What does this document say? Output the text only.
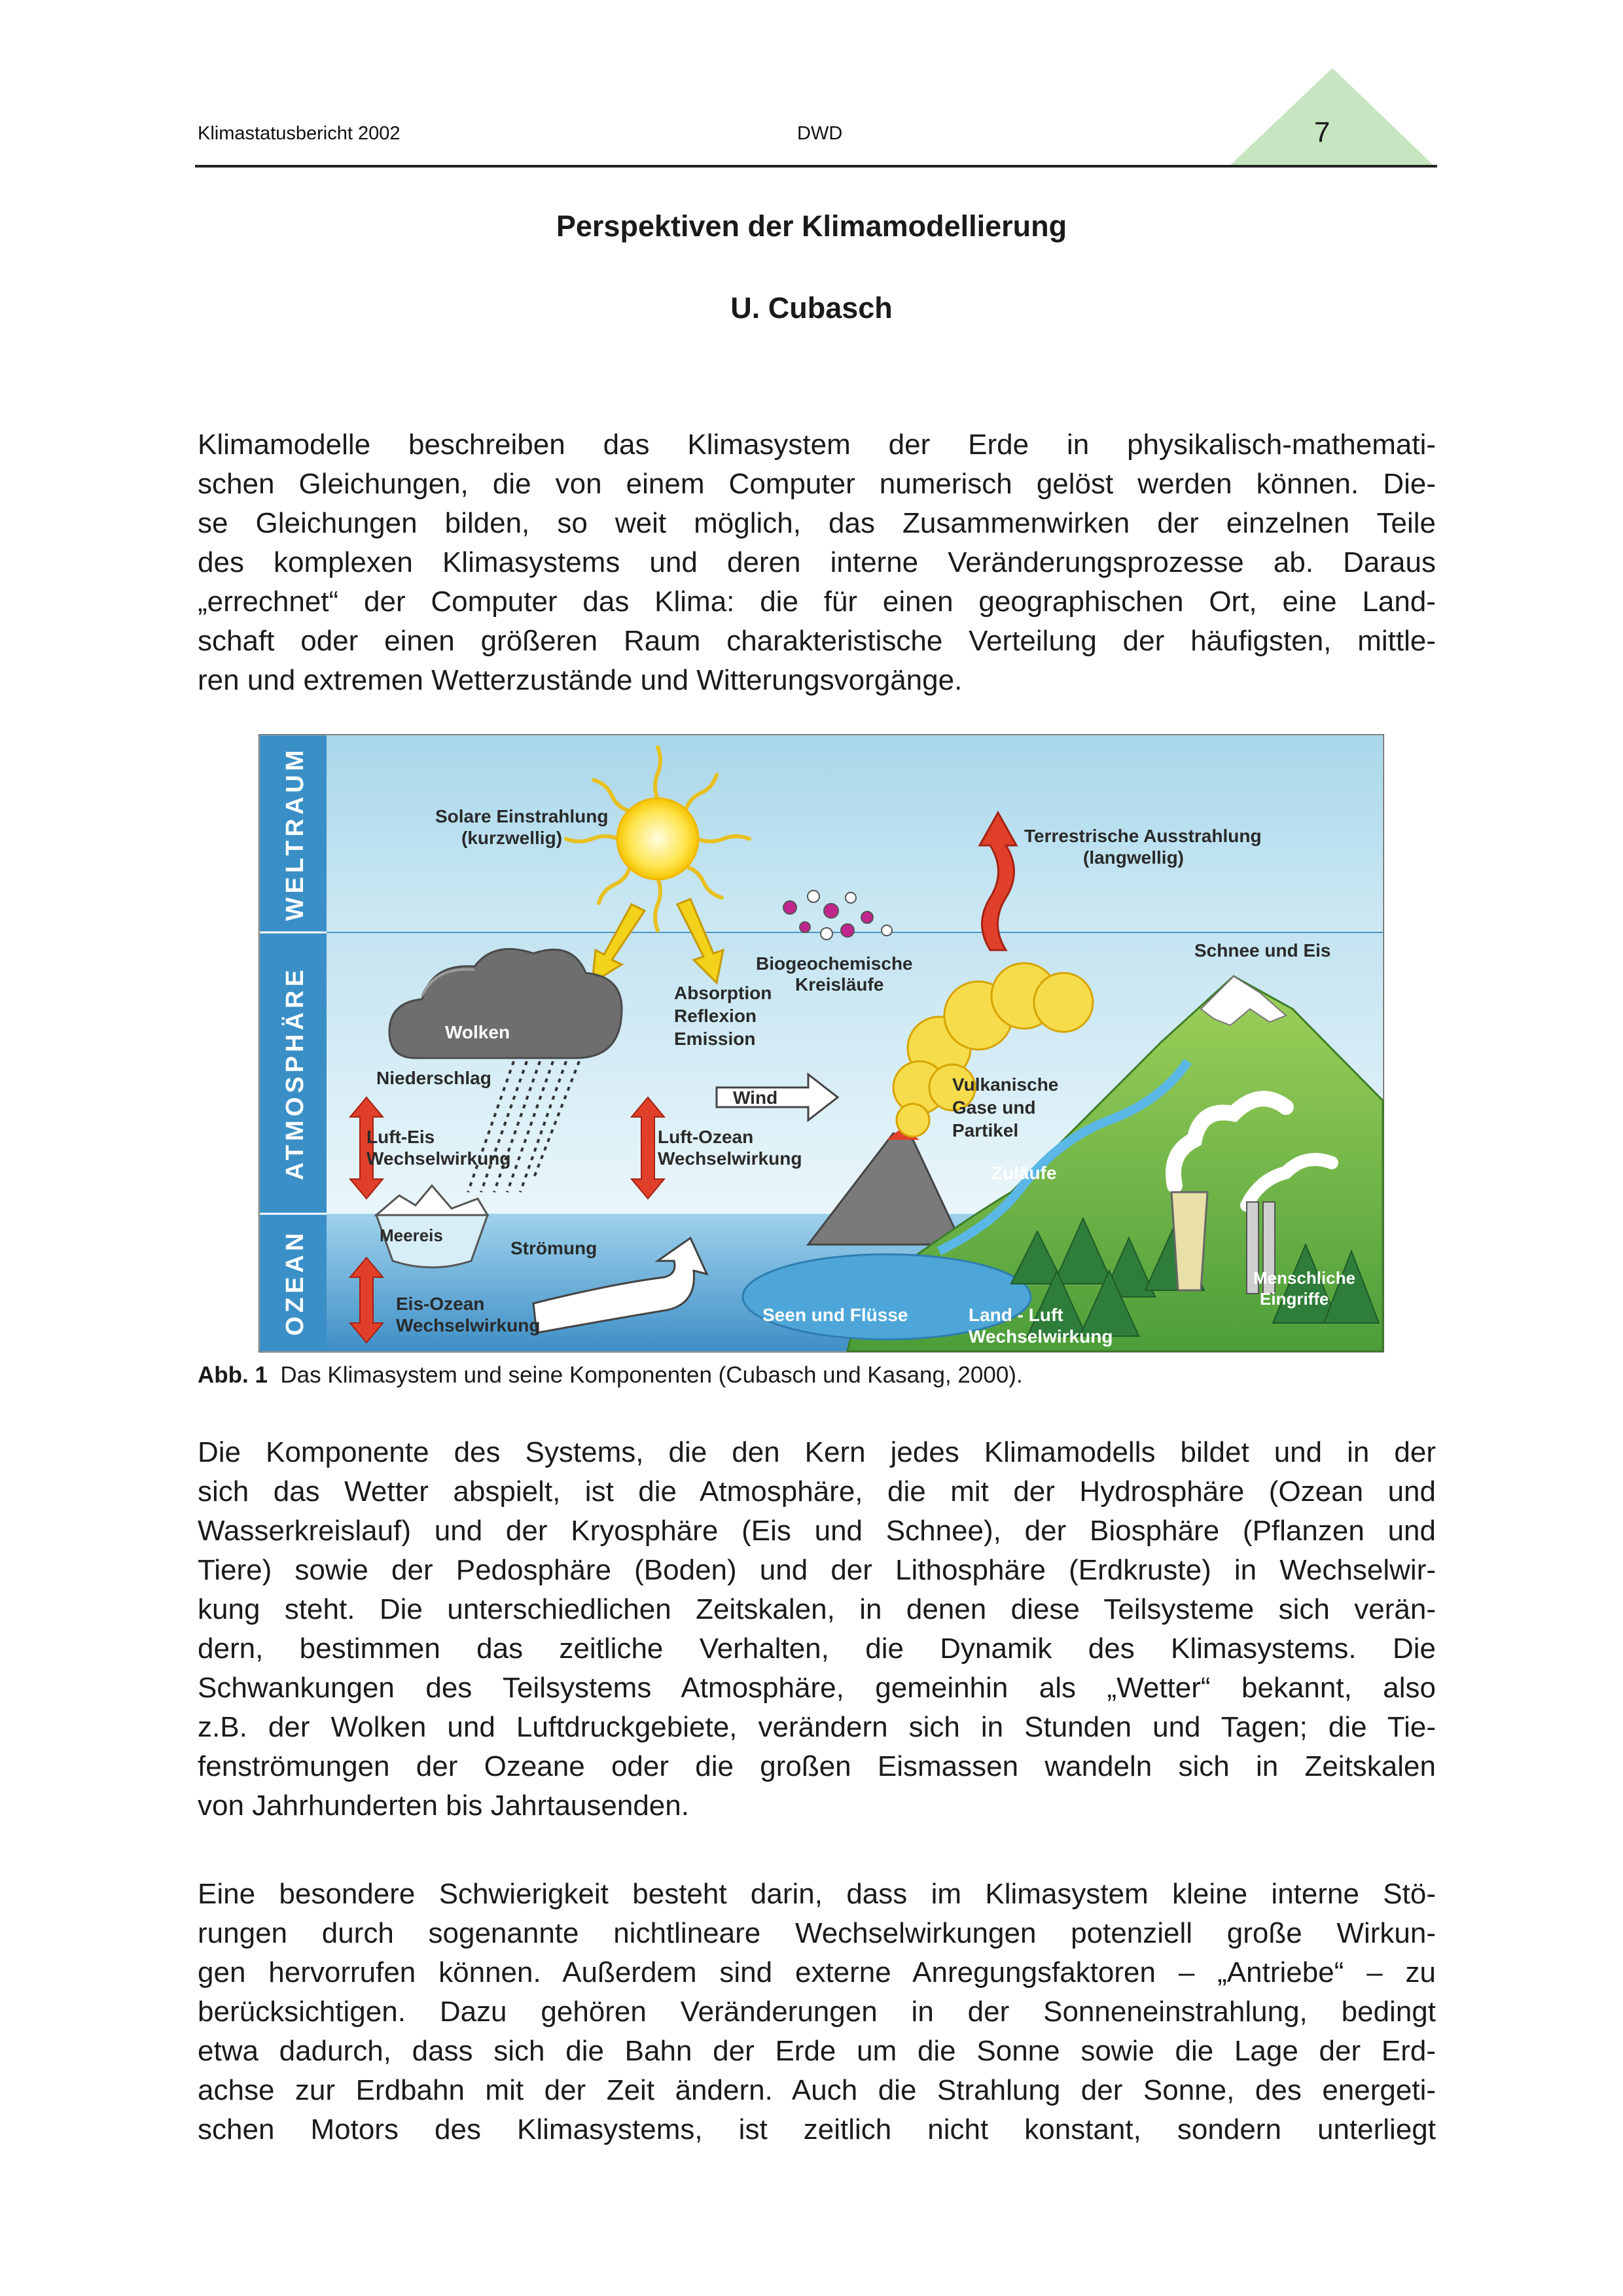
Klimastatusbericht 2002	DWD	7
Perspektiven der Klimamodellierung
U. Cubasch
Klimamodelle beschreiben das Klimasystem der Erde in physikalisch-mathemati-
schen Gleichungen, die von einem Computer numerisch gelöst werden können. Die-
se Gleichungen bilden, so weit möglich, das Zusammenwirken der einzelnen Teile
des komplexen Klimasystems und deren interne Veränderungsprozesse ab. Daraus
„errechnet“ der Computer das Klima: die für einen geographischen Ort, eine Land-
schaft oder einen größeren Raum charakteristische Verteilung der häufigsten, mittle-
ren und extremen Wetterzustände und Witterungsvorgänge.
WELTRAUM
ATMOSPHÄRE
OZEAN
Solare Einstrahlung
(kurzwellig)	Terrestrische Ausstrahlung
(langwellig)
Biogeochemische
Kreisläufe
Absorption
Reflexion
Emission
Wolken
Niederschlag
Wind
Luft-Eis
Wechselwirkung
Luft-Ozean
Wechselwirkung
Vulkanische
Gase und
Partikel
Schnee und Eis
Zuläufe
Meereis
Strömung
Eis-Ozean
Wechselwirkung
Seen und Flüsse	Land - Luft
Wechselwirkung
Menschliche
Eingriffe
Abb. 1 Das Klimasystem und seine Komponenten (Cubasch und Kasang, 2000).
Die Komponente des Systems, die den Kern jedes Klimamodells bildet und in der
sich das Wetter abspielt, ist die Atmosphäre, die mit der Hydrosphäre (Ozean und
Wasserkreislauf) und der Kryosphäre (Eis und Schnee), der Biosphäre (Pflanzen und
Tiere) sowie der Pedosphäre (Boden) und der Lithosphäre (Erdkruste) in Wechselwir-
kung steht. Die unterschiedlichen Zeitskalen, in denen diese Teilsysteme sich verän-
dern, bestimmen das zeitliche Verhalten, die Dynamik des Klimasystems. Die
Schwankungen des Teilsystems Atmosphäre, gemeinhin als „Wetter“ bekannt, also
z.B. der Wolken und Luftdruckgebiete, verändern sich in Stunden und Tagen; die Tie-
fenströmungen der Ozeane oder die großen Eismassen wandeln sich in Zeitskalen
von Jahrhunderten bis Jahrtausenden.
Eine besondere Schwierigkeit besteht darin, dass im Klimasystem kleine interne Stö-
rungen durch sogenannte nichtlineare Wechselwirkungen potenziell große Wirkun-
gen hervorrufen können. Außerdem sind externe Anregungsfaktoren – „Antriebe“ – zu
berücksichtigen. Dazu gehören Veränderungen in der Sonneneinstrahlung, bedingt
etwa dadurch, dass sich die Bahn der Erde um die Sonne sowie die Lage der Erd-
achse zur Erdbahn mit der Zeit ändern. Auch die Strahlung der Sonne, des energeti-
schen Motors des Klimasystems, ist zeitlich nicht konstant, sondern unterliegt
